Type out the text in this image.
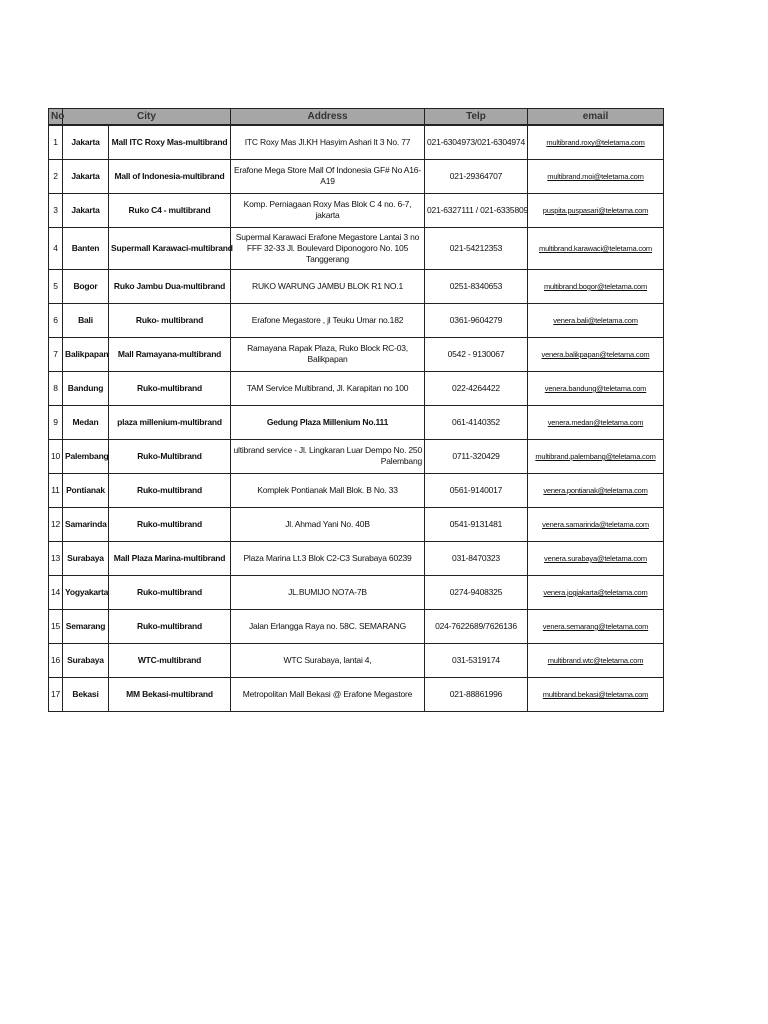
No	City		Address	Telp	email
1	Jakarta	Mall ITC Roxy Mas-multibrand	ITC Roxy Mas Jl.KH Hasyim Ashari lt 3 No. 77	021-6304973/021-6304974	multibrand.roxy@teletama.com
2	Jakarta	Mall of Indonesia-multibrand	Erafone Mega Store Mall Of Indonesia GF# No A16-A19	021-29364707	multibrand.moi@teletama.com
3	Jakarta	Ruko C4 - multibrand	Komp. Perniagaan Roxy Mas Blok C 4 no. 6-7, jakarta	021-6327111 / 021-6335809	puspita.puspasari@teletama.com
4	Banten	Supermall Karawaci-multibrand	Supermal Karawaci Erafone Megastore Lantai 3 no FFF 32-33 Jl. Boulevard Diponogoro No. 105 Tanggerang	021-54212353	multibrand.karawaci@teletama.com
5	Bogor	Ruko Jambu Dua-multibrand	RUKO WARUNG JAMBU BLOK R1 NO.1	0251-8340653	multibrand.bogor@teletama.com
6	Bali	Ruko- multibrand	Erafone Megastore , jl Teuku Umar no.182	0361-9604279	venera.bali@teletama.com
7	Balikpapan	Mall Ramayana-multibrand	Ramayana Rapak Plaza, Ruko Block RC-03, Balikpapan	0542 - 9130067	venera.balikpapan@teletama.com
8	Bandung	Ruko-multibrand	TAM Service Multibrand, Jl. Karapitan no 100	022-4264422	venera.bandung@teletama.com
9	Medan	plaza millenium-multibrand	Gedung Plaza Millenium No.111	061-4140352	venera.medan@teletama.com
10	Palembang	Ruko-Multibrand	ultibrand service - Jl. Lingkaran Luar Dempo No. 250 Palembang	0711-320429	multibrand.palembang@teletama.com
11	Pontianak	Ruko-multibrand	Komplek Pontianak Mall Blok. B No. 33	0561-9140017	venera.pontianak@teletama.com
12	Samarinda	Ruko-multibrand	Jl. Ahmad Yani No. 40B	0541-9131481	venera.samarinda@teletama.com
13	Surabaya	Mall Plaza Marina-multibrand	Plaza Marina Lt.3 Blok C2-C3 Surabaya 60239	031-8470323	venera.surabaya@teletama.com
14	Yogyakarta	Ruko-multibrand	JL.BUMIJO NO7A-7B	0274-9408325	venera.jogjakarta@teletama.com
15	Semarang	Ruko-multibrand	Jalan Erlangga Raya no. 58C. SEMARANG	024-7622689/7626136	venera.semarang@teletama.com
16	Surabaya	WTC-multibrand	WTC Surabaya, lantai 4,	031-5319174	multibrand.wtc@teletama.com
17	Bekasi	MM Bekasi-multibrand	Metropolitan Mall Bekasi @ Erafone Megastore	021-88861996	multibrand.bekasi@teletama.com
